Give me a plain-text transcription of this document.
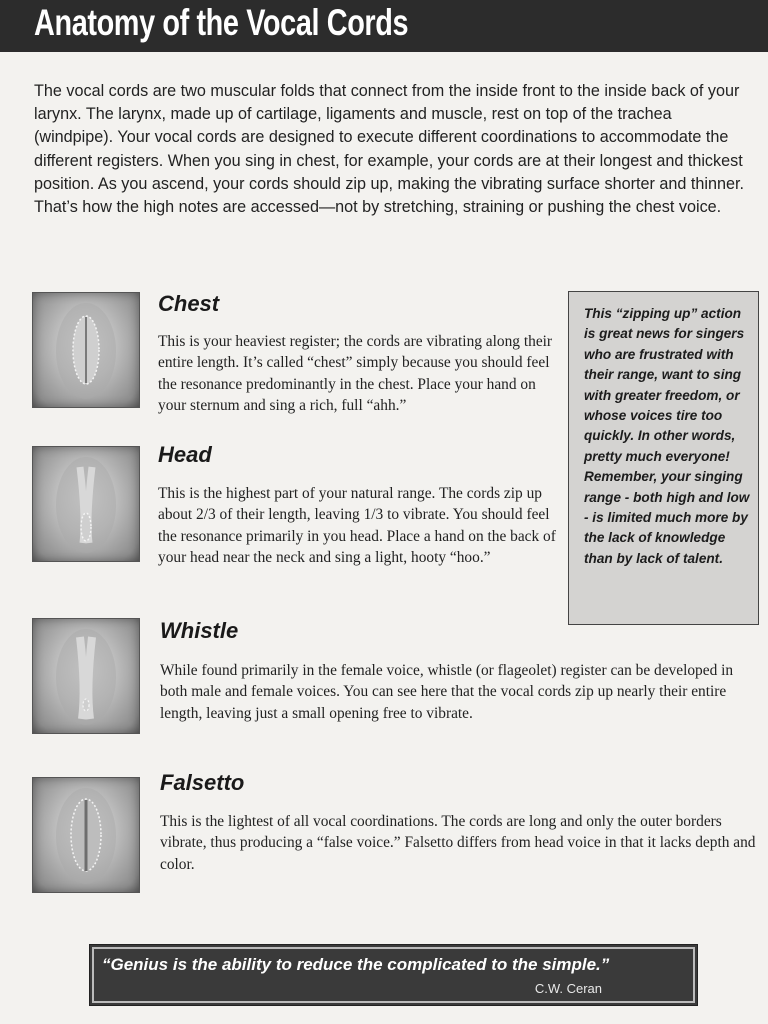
Anatomy of the Vocal Cords

The vocal cords are two muscular folds that connect from the inside front to the inside back of your larynx. The larynx, made up of cartilage, ligaments and muscle, rest on top of the trachea (windpipe). Your vocal cords are designed to execute different coordinations to accommodate the different registers. When you sing in chest, for example, your cords are at their longest and thickest position. As you ascend, your cords should zip up, making the vibrating surface shorter and thinner. That’s how the high notes are accessed—not by stretching, straining or pushing the chest voice.

Chest

This is your heaviest register; the cords are vibrating along their entire length. It’s called “chest” simply because you should feel the resonance predominantly in the chest. Place your hand on your sternum and sing a rich, full “ahh.”

Head

This is the highest part of your natural range. The cords zip up about 2/3 of their length, leaving 1/3 to vibrate. You should feel the resonance primarily in you head. Place a hand on the back of your head near the neck and sing a light, hooty “hoo.”

Whistle

While found primarily in the female voice, whistle (or flageolet) register can be developed in both male and female voices. You can see here that the vocal cords zip up nearly their entire length, leaving just a small opening free to vibrate.

Falsetto

This is the lightest of all vocal coordinations. The cords are long and only the outer borders vibrate, thus producing a “false voice.” Falsetto differs from head voice in that it lacks depth and color.

This “zipping up” action is great news for singers who are frustrated with their range, want to sing with greater freedom, or whose voices tire too quickly. In other words, pretty much everyone! Remember, your singing range - both high and low - is limited much more by the lack of knowledge than by lack of talent.

“Genius is the ability to reduce the complicated to the simple.”

C.W. Ceran
